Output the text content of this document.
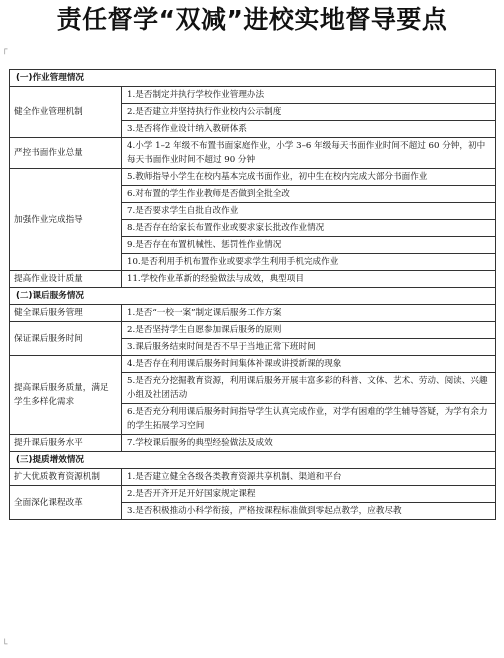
┌
责任督学“双减”进校实地督导要点
(一)作业管理情况	
健全作业管理机制	1.是否制定并执行学校作业管理办法
	2.是否建立并坚持执行作业校内公示制度
	3.是否将作业设计纳入教研体系
严控书面作业总量	4.小学 1–2 年级不布置书面家庭作业，小学 3–6 年级每天书面作业时间不超过 60 分钟，初中每天书面作业时间不超过 90 分钟
加强作业完成指导	5.教师指导小学生在校内基本完成书面作业，初中生在校内完成大部分书面作业
	6.对布置的学生作业教师是否做到全批全改
	7.是否要求学生自批自改作业
	8.是否存在给家长布置作业或要求家长批改作业情况
	9.是否存在布置机械性、惩罚性作业情况
	10.是否利用手机布置作业或要求学生利用手机完成作业
提高作业设计质量	11.学校作业革新的经验做法与成效，典型项目
(二)课后服务情况	
健全课后服务管理	1.是否“一校一案”制定课后服务工作方案
保证课后服务时间	2.是否坚持学生自愿参加课后服务的原则
	3.课后服务结束时间是否不早于当地正常下班时间
提高课后服务质量，满足学生多样化需求	4.是否存在利用课后服务时间集体补课或讲授新课的现象
	5.是否充分挖掘教育资源，利用课后服务开展丰富多彩的科普、文体、艺术、劳动、阅读、兴趣小组及社团活动
	6.是否充分利用课后服务时间指导学生认真完成作业，对学有困难的学生辅导答疑，为学有余力的学生拓展学习空间
提升课后服务水平	7.学校课后服务的典型经验做法及成效
(三)提质增效情况	
扩大优质教育资源机制	1.是否建立健全各级各类教育资源共享机制、渠道和平台
全面深化课程改革	2.是否开齐开足开好国家规定课程
	3.是否积极推动小科学衔接，严格按课程标准做到零起点教学，应教尽教
└
